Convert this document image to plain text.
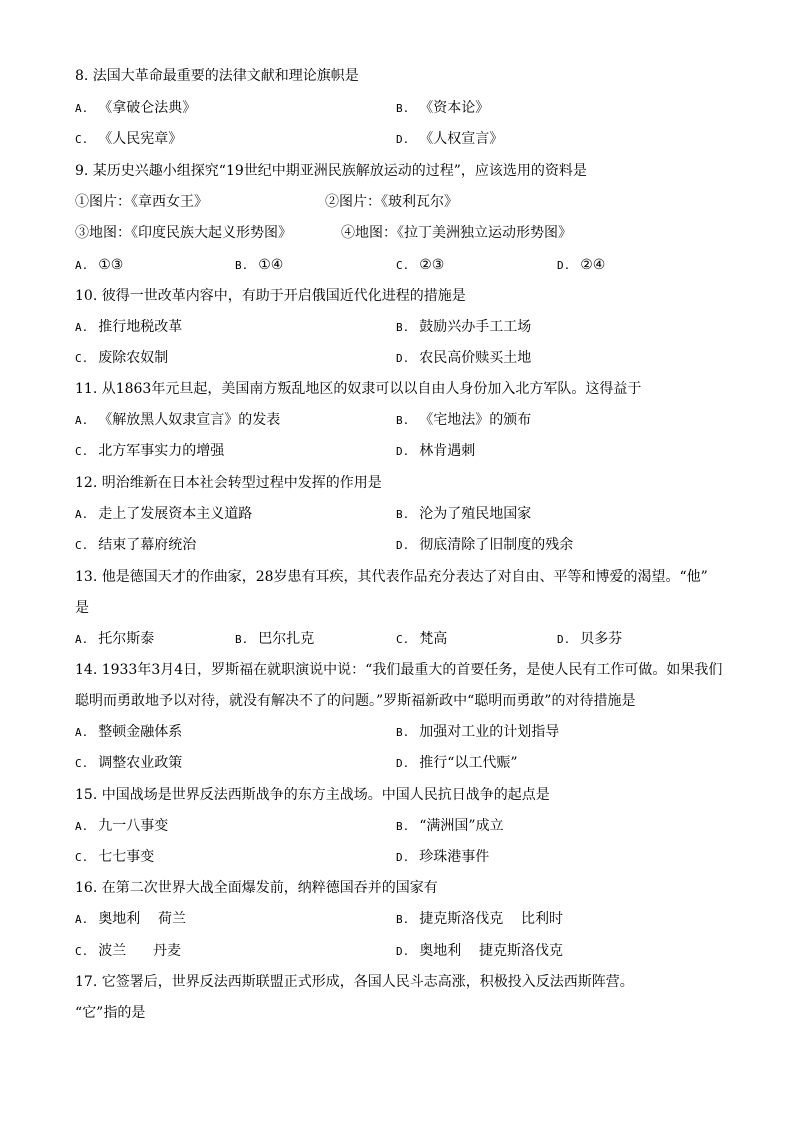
8. 法国大革命最重要的法律文献和理论旗帜是
A. 《拿破仑法典》	B. 《资本论》
C. 《人民宪章》	D. 《人权宣言》
9. 某历史兴趣小组探究“19世纪中期亚洲民族解放运动的过程”，应该选用的资料是
①图片：《章西女王》	②图片：《玻利瓦尔》
③地图：《印度民族大起义形势图》	④地图：《拉丁美洲独立运动形势图》
A. ①③	B. ①④	C. ②③	D. ②④
10. 彼得一世改革内容中，有助于开启俄国近代化进程的措施是
A. 推行地税改革	B. 鼓励兴办手工工场
C. 废除农奴制	D. 农民高价赎买土地
11. 从1863年元旦起，美国南方叛乱地区的奴隶可以以自由人身份加入北方军队。这得益于
A. 《解放黑人奴隶宣言》的发表	B. 《宅地法》的颁布
C. 北方军事实力的增强	D. 林肯遇刺
12. 明治维新在日本社会转型过程中发挥的作用是
A. 走上了发展资本主义道路	B. 沦为了殖民地国家
C. 结束了幕府统治	D. 彻底清除了旧制度的残余
13. 他是德国天才的作曲家，28岁患有耳疾，其代表作品充分表达了对自由、平等和博爱的渴望。“他”
是
A. 托尔斯泰	B. 巴尔扎克	C. 梵高	D. 贝多芬
14. 1933年3月4日，罗斯福在就职演说中说：“我们最重大的首要任务，是使人民有工作可做。如果我们
聪明而勇敢地予以对待，就没有解决不了的问题。”罗斯福新政中“聪明而勇敢”的对待措施是
A. 整顿金融体系	B. 加强对工业的计划指导
C. 调整农业政策	D. 推行“以工代赈”
15. 中国战场是世界反法西斯战争的东方主战场。中国人民抗日战争的起点是
A. 九一八事变	B. “满洲国”成立
C. 七七事变	D. 珍珠港事件
16. 在第二次世界大战全面爆发前，纳粹德国吞并的国家有
A. 奥地利    荷兰	B. 捷克斯洛伐克    比利时
C. 波兰      丹麦	D. 奥地利    捷克斯洛伐克
17. 它签署后，世界反法西斯联盟正式形成，各国人民斗志高涨，积极投入反法西斯阵营。
“它”指的是
